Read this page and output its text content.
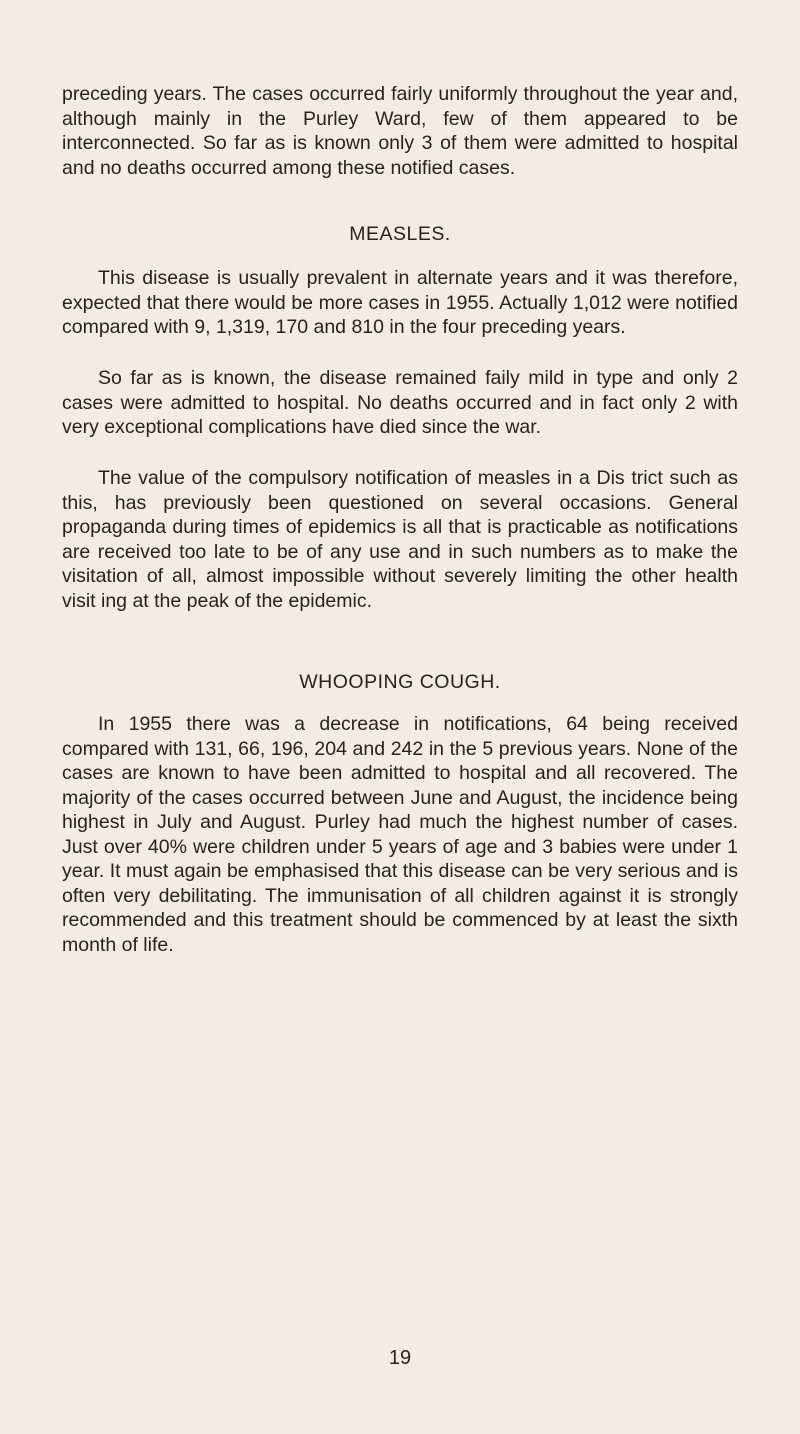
preceding years. The cases occurred fairly uniformly throughout the year and, although mainly in the Purley Ward, few of them appeared to be interconnected. So far as is known only 3 of them were admitted to hospital and no deaths occurred among these notified cases.

MEASLES.

This disease is usually prevalent in alternate years and it was therefore, expected that there would be more cases in 1955. Actually 1,012 were notified compared with 9, 1,319, 170 and 810 in the four preceding years.

So far as is known, the disease remained faily mild in type and only 2 cases were admitted to hospital. No deaths occurred and in fact only 2 with very exceptional complications have died since the war.

The value of the compulsory notification of measles in a Dis trict such as this, has previously been questioned on several occasions. General propaganda during times of epidemics is all that is practicable as notifications are received too late to be of any use and in such numbers as to make the visitation of all, almost impossible without severely limiting the other health visit ing at the peak of the epidemic.

WHOOPING COUGH.

In 1955 there was a decrease in notifications, 64 being received compared with 131, 66, 196, 204 and 242 in the 5 previous years. None of the cases are known to have been admitted to hospital and all recovered. The majority of the cases occurred between June and August, the incidence being highest in July and August. Purley had much the highest number of cases. Just over 40% were children under 5 years of age and 3 babies were under 1 year. It must again be emphasised that this disease can be very serious and is often very debilitating. The immunisation of all children against it is strongly recommended and this treatment should be commenced by at least the sixth month of life.

19
